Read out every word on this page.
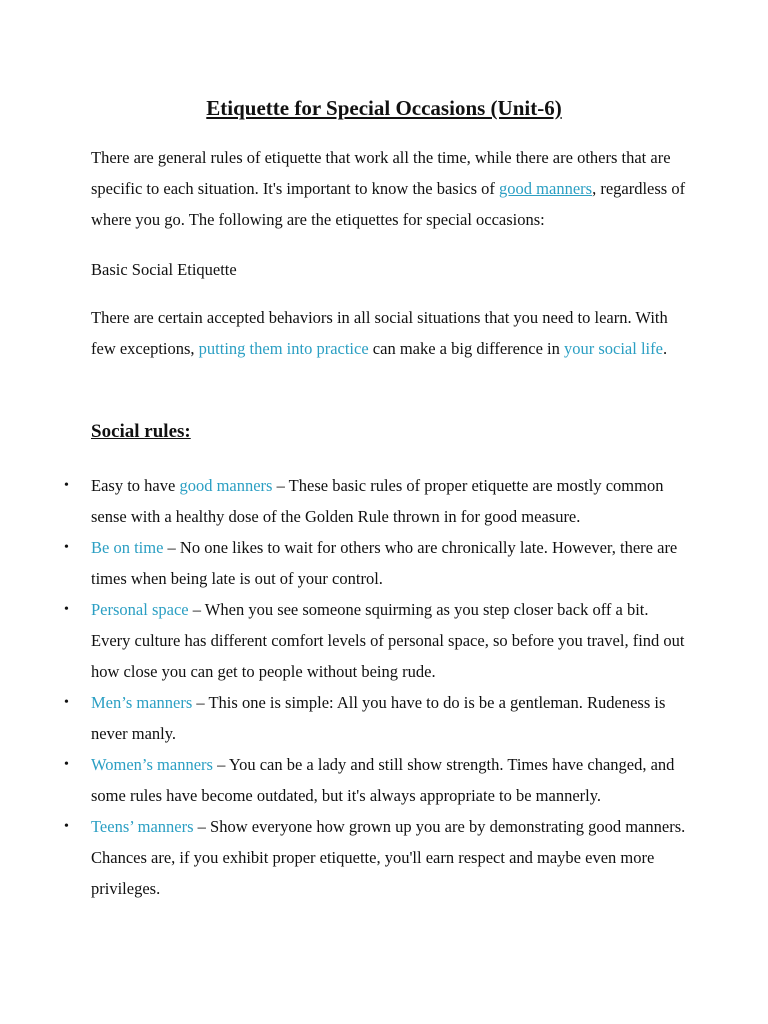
Etiquette for Special Occasions (Unit-6)

There are general rules of etiquette that work all the time, while there are others that are specific to each situation. It's important to know the basics of good manners, regardless of where you go. The following are the etiquettes for special occasions:

Basic Social Etiquette

There are certain accepted behaviors in all social situations that you need to learn. With few exceptions, putting them into practice can make a big difference in your social life.

Social rules:
• Easy to have good manners – These basic rules of proper etiquette are mostly common sense with a healthy dose of the Golden Rule thrown in for good measure.
• Be on time – No one likes to wait for others who are chronically late. However, there are times when being late is out of your control.
• Personal space – When you see someone squirming as you step closer back off a bit. Every culture has different comfort levels of personal space, so before you travel, find out how close you can get to people without being rude.
• Men’s manners – This one is simple: All you have to do is be a gentleman. Rudeness is never manly.
• Women’s manners – You can be a lady and still show strength. Times have changed, and some rules have become outdated, but it's always appropriate to be mannerly.
• Teens’ manners – Show everyone how grown up you are by demonstrating good manners. Chances are, if you exhibit proper etiquette, you'll earn respect and maybe even more privileges.
